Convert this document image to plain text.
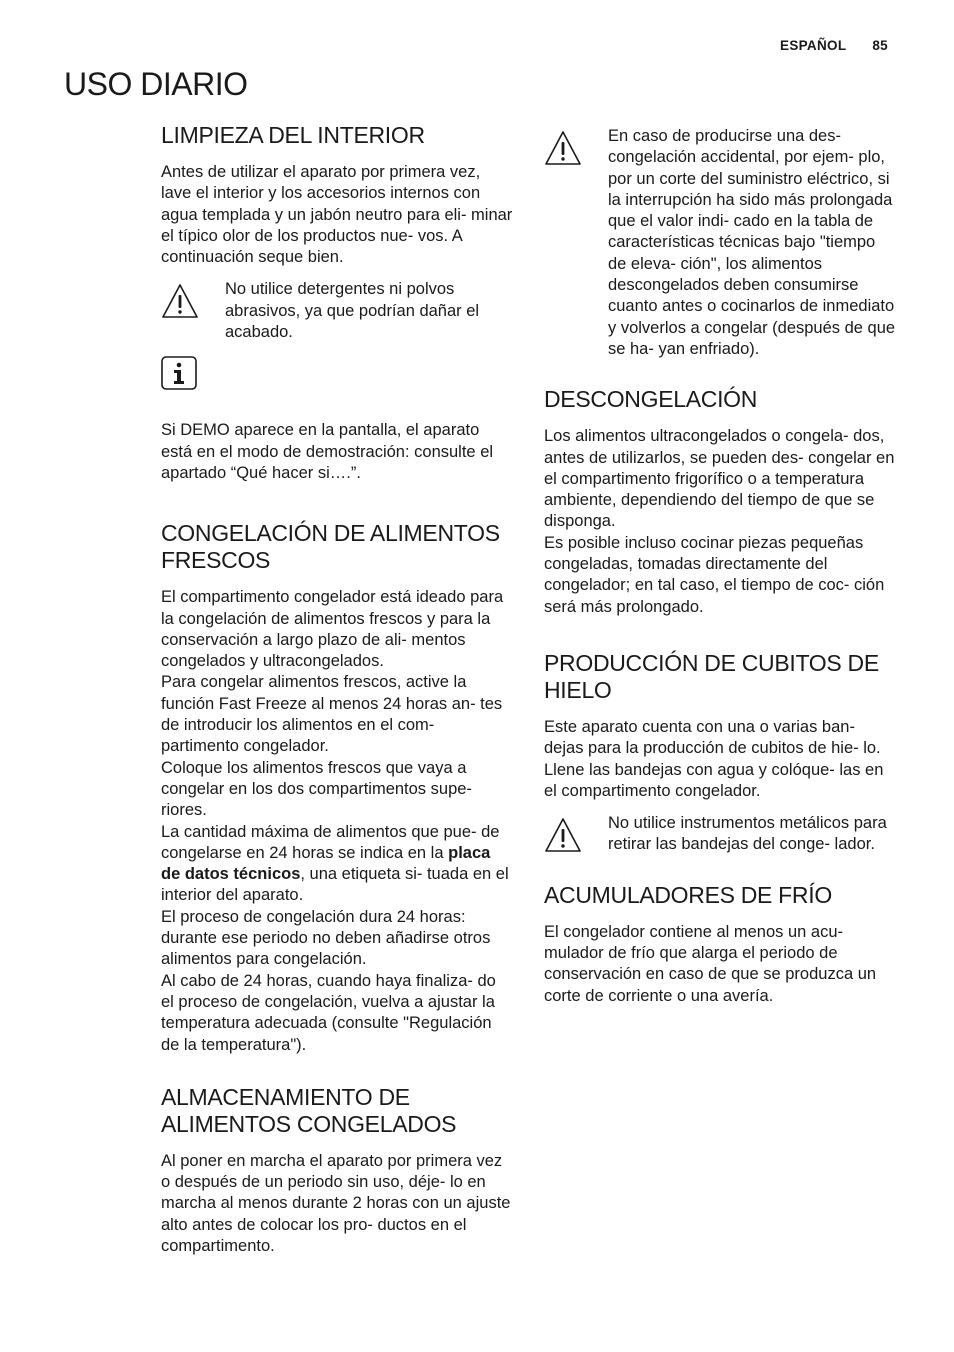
ESPAÑOL 85
USO DIARIO
LIMPIEZA DEL INTERIOR

Antes de utilizar el aparato por primera vez, lave el interior y los accesorios internos con agua templada y un jabón neutro para eli- minar el típico olor de los productos nue- vos. A continuación seque bien.

No utilice detergentes ni polvos abrasivos, ya que podrían dañar el acabado.

Si DEMO aparece en la pantalla, el aparato está en el modo de demostración: consulte el apartado “Qué hacer si….”.

CONGELACIÓN DE ALIMENTOS FRESCOS

El compartimento congelador está ideado para la congelación de alimentos frescos y para la conservación a largo plazo de ali- mentos congelados y ultracongelados.

Para congelar alimentos frescos, active la función Fast Freeze al menos 24 horas an- tes de introducir los alimentos en el com- partimento congelador.

Coloque los alimentos frescos que vaya a congelar en los dos compartimentos supe- riores.

La cantidad máxima de alimentos que pue- de congelarse en 24 horas se indica en la placa de datos técnicos, una etiqueta si- tuada en el interior del aparato.

El proceso de congelación dura 24 horas: durante ese periodo no deben añadirse otros alimentos para congelación.

Al cabo de 24 horas, cuando haya finaliza- do el proceso de congelación, vuelva a ajustar la temperatura adecuada (consulte "Regulación de la temperatura").

ALMACENAMIENTO DE ALIMENTOS CONGELADOS

Al poner en marcha el aparato por primera vez o después de un periodo sin uso, déje- lo en marcha al menos durante 2 horas con un ajuste alto antes de colocar los pro- ductos en el compartimento.

En caso de producirse una des- congelación accidental, por ejem- plo, por un corte del suministro eléctrico, si la interrupción ha sido más prolongada que el valor indi- cado en la tabla de características técnicas bajo "tiempo de eleva- ción", los alimentos descongelados deben consumirse cuanto antes o cocinarlos de inmediato y volverlos a congelar (después de que se ha- yan enfriado).

DESCONGELACIÓN

Los alimentos ultracongelados o congela- dos, antes de utilizarlos, se pueden des- congelar en el compartimento frigorífico o a temperatura ambiente, dependiendo del tiempo de que se disponga.

Es posible incluso cocinar piezas pequeñas congeladas, tomadas directamente del congelador; en tal caso, el tiempo de coc- ción será más prolongado.

PRODUCCIÓN DE CUBITOS DE HIELO

Este aparato cuenta con una o varias ban- dejas para la producción de cubitos de hie- lo. Llene las bandejas con agua y colóque- las en el compartimento congelador.

No utilice instrumentos metálicos para retirar las bandejas del conge- lador.

ACUMULADORES DE FRÍO

El congelador contiene al menos un acu- mulador de frío que alarga el periodo de conservación en caso de que se produzca un corte de corriente o una avería.
